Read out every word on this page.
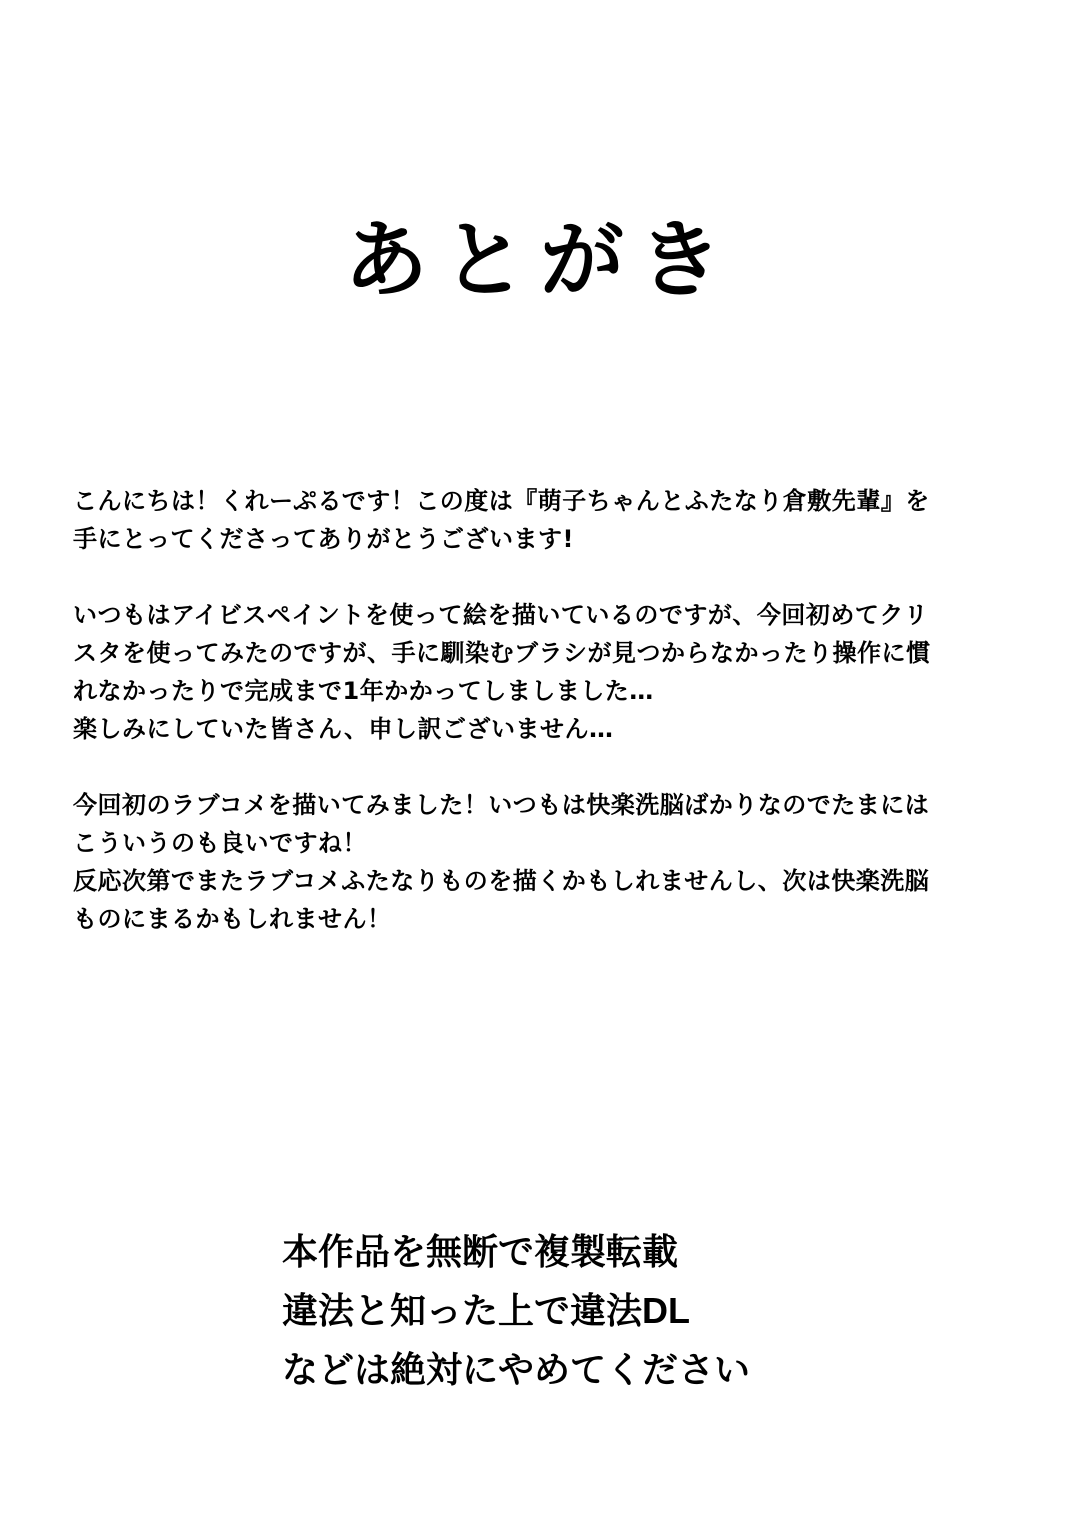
あとがき

こんにちは！くれーぷるです！この度は『萌子ちゃんとふたなり倉敷先輩』を
手にとってくださってありがとうございます!

いつもはアイビスペイントを使って絵を描いているのですが、今回初めてクリ
スタを使ってみたのですが、手に馴染むブラシが見つからなかったり操作に慣
れなかったりで完成まで1年かかってしましました…
楽しみにしていた皆さん、申し訳ございません…

今回初のラブコメを描いてみました！いつもは快楽洗脳ばかりなのでたまには
こういうのも良いですね！
反応次第でまたラブコメふたなりものを描くかもしれませんし、次は快楽洗脳
ものにまるかもしれません！

本作品を無断で複製転載
違法と知った上で違法DL
などは絶対にやめてください
